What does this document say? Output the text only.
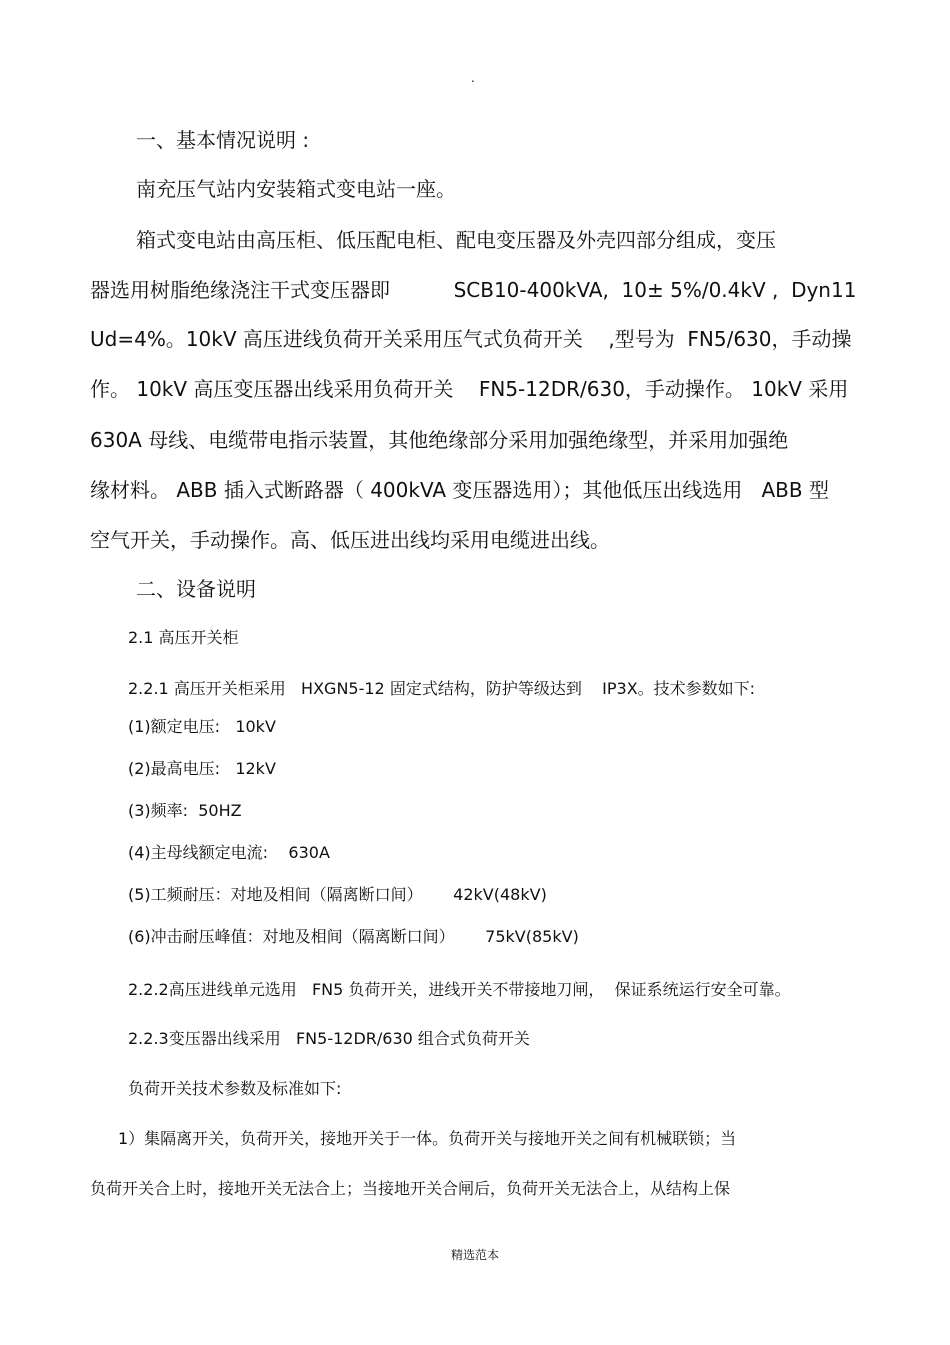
.
一、基本情况说明 :
南充压气站内安装箱式变电站一座。
箱式变电站由高压柜、低压配电柜、配电变压器及外壳四部分组成，变压
器选用树脂绝缘浇注干式变压器即          SCB10-400kVA,  10± 5%/0.4kV ,  Dyn11
Ud=4%。10kV 高压进线负荷开关采用压气式负荷开关    ,型号为  FN5/630，手动操
作。 10kV 高压变压器出线采用负荷开关    FN5-12DR/630，手动操作。 10kV 采用
630A 母线、电缆带电指示装置，其他绝缘部分采用加强绝缘型，并采用加强绝
缘材料。 ABB 插入式断路器（ 400kVA 变压器选用）；其他低压出线选用   ABB 型
空气开关，手动操作。高、低压进出线均采用电缆进出线。
二、设备说明
2.1 高压开关柜
2.2.1 高压开关柜采用   HXGN5-12 固定式结构，防护等级达到    IP3X。技术参数如下:
(1)额定电压:   10kV
(2)最高电压:   12kV
(3)频率:  50HZ
(4)主母线额定电流:    630A
(5)工频耐压：对地及相间（隔离断口间）      42kV(48kV)
(6)冲击耐压峰值：对地及相间（隔离断口间）      75kV(85kV)
2.2.2高压进线单元选用   FN5 负荷开关，进线开关不带接地刀闸，  保证系统运行安全可靠。
2.2.3变压器出线采用   FN5-12DR/630 组合式负荷开关
负荷开关技术参数及标准如下:
1）集隔离开关，负荷开关，接地开关于一体。负荷开关与接地开关之间有机械联锁；当
负荷开关合上时，接地开关无法合上；当接地开关合闸后，负荷开关无法合上，从结构上保
精选范本
